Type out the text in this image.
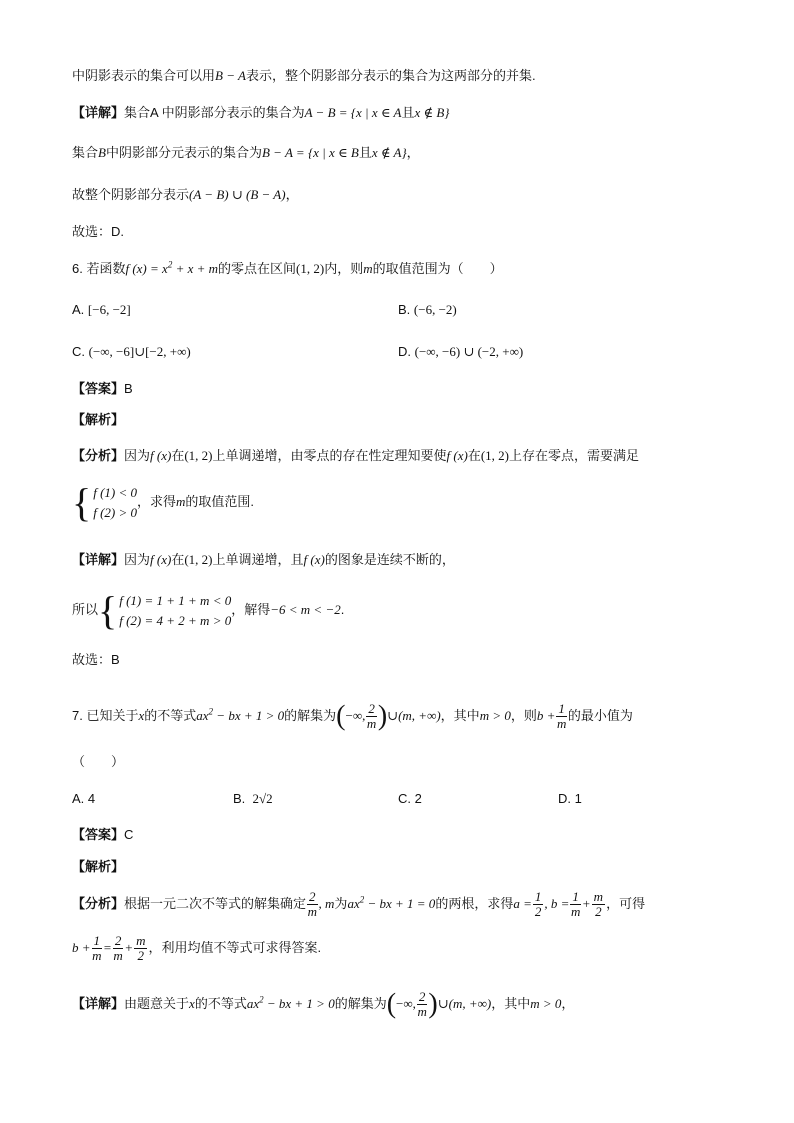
中阴影表示的集合可以用B − A表示，整个阴影部分表示的集合为这两部分的并集.
【详解】集合A 中阴影部分表示的集合为A − B = {x | x ∈ A且x ∉ B}
集合B中阴影部分元表示的集合为B − A = {x | x ∈ B且x ∉ A}，
故整个阴影部分表示(A − B) ∪ (B − A)，
故选：D.
6. 若函数f $(x) = x^2 + x + m$的零点在区间(1, 2)内，则m的取值范围为（　　）
A. [−6, −2]	B. (−6, −2)
C. (−∞, −6]∪[−2, +∞)	D. (−∞, −6) ∪ (−2, +∞)
【答案】B
【解析】
【分析】因为f (x)在(1, 2)上单调递增，由零点的存在性定理知要使f (x)在(1, 2)上存在零点，需要满足
{ f (1) < 0
f (2) > 0
，求得m的取值范围.
【详解】因为f (x)在(1, 2)上单调递增，且f (x)的图象是连续不断的，
所以{ f (1) = 1 + 1 + m < 0
f (2) = 4 + 2 + m > 0
，解得−6 < m < −2.
故选：B
7. 已知关于x的不等式$ax^2$ − bx + 1 > 0的解集为(−∞, $\frac{2}{m}$ )∪(m, +∞)，其中m > 0，则$b + \frac{1}{m}$ 的最小值为
（　　）
A. 4	B. 2√2	C. 2	D. 1
【答案】C
【解析】
【分析】根据一元二次不等式的解集确定 $\frac{2}{m}$ , m为$ax^2$ − bx + 1 = 0的两根，求得$a = \frac{1}{2}$ , $b = \frac{1}{m} + \frac{m}{2}$ ，可得
$b + \frac{1}{m} = \frac{2}{m} + \frac{m}{2}$ ，利用均值不等式可求得答案.
【详解】由题意关于x的不等式$ax^2$ − bx + 1 > 0的解集为(−∞, $\frac{2}{m}$ )∪(m, +∞)，其中m > 0，
